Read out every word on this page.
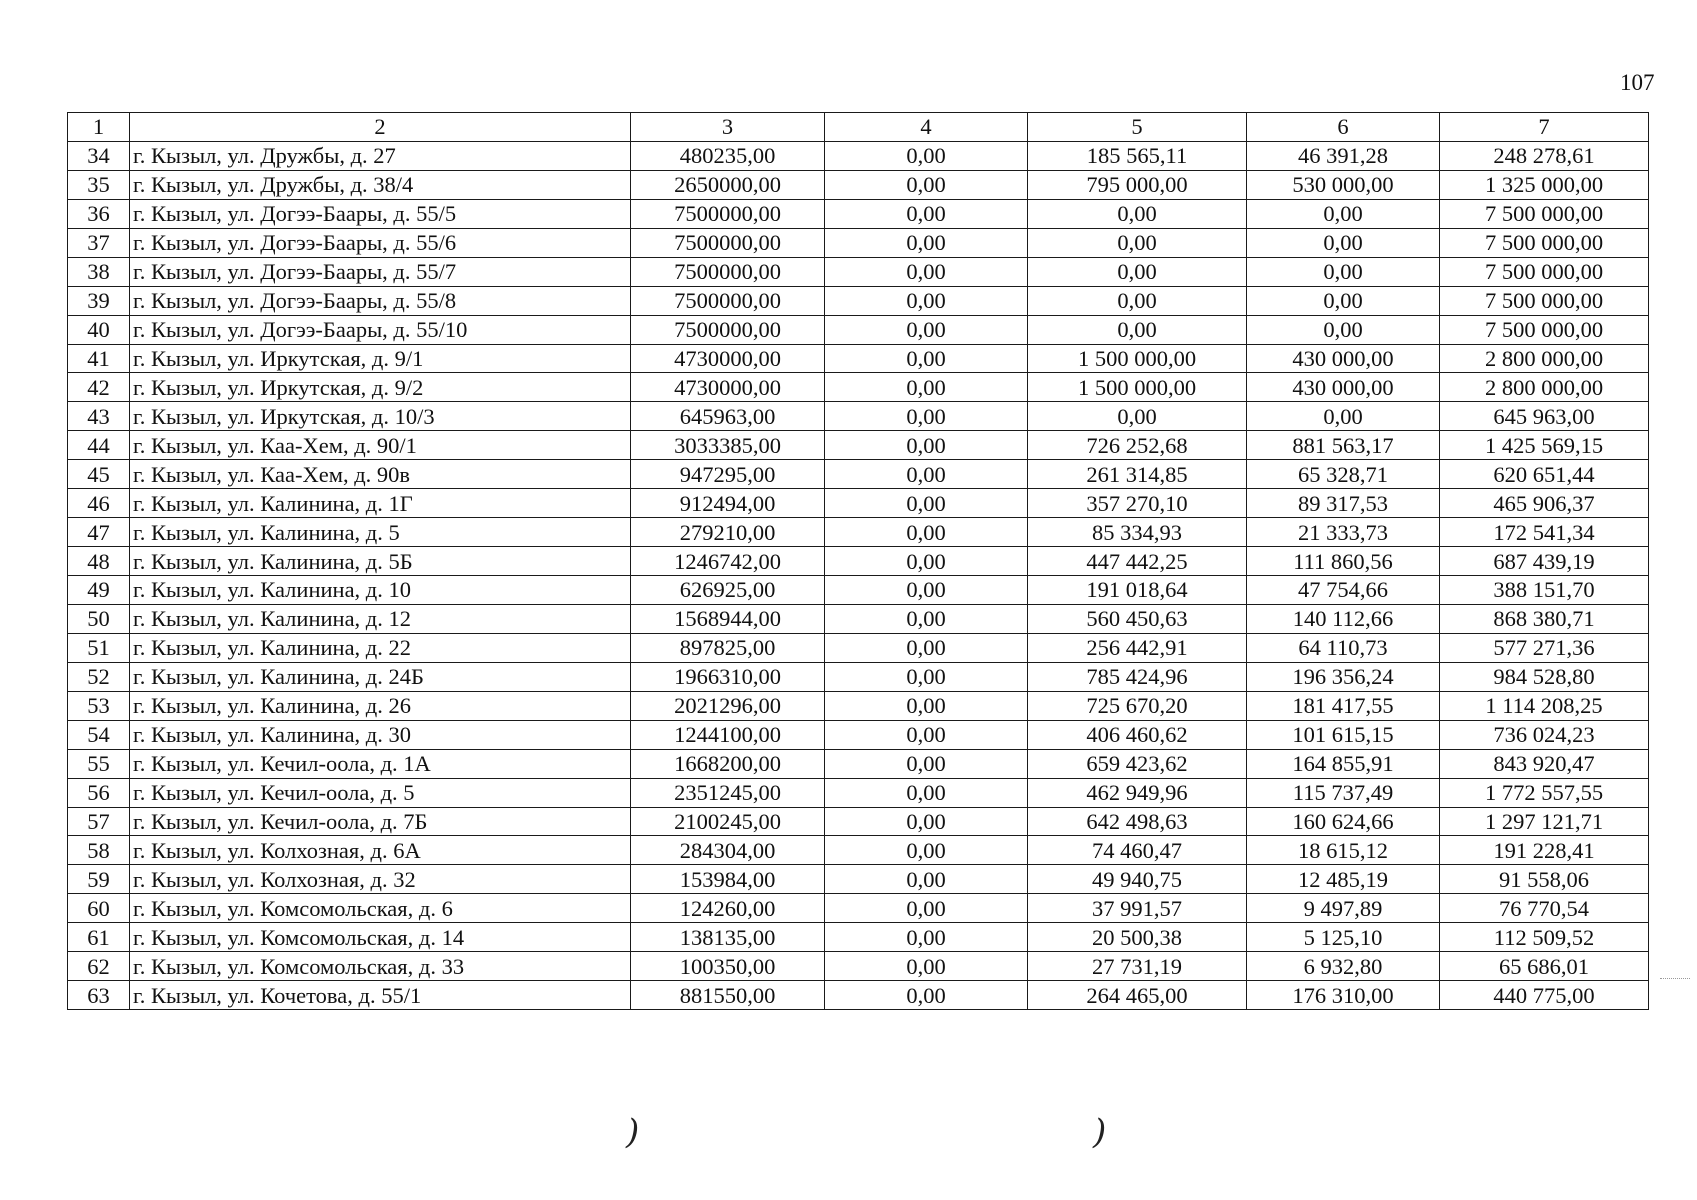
107
1	2	3	4	5	6	7
34	г. Кызыл, ул. Дружбы, д. 27	480235,00	0,00	185 565,11	46 391,28	248 278,61
35	г. Кызыл, ул. Дружбы, д. 38/4	2650000,00	0,00	795 000,00	530 000,00	1 325 000,00
36	г. Кызыл, ул. Догээ-Баары, д. 55/5	7500000,00	0,00	0,00	0,00	7 500 000,00
37	г. Кызыл, ул. Догээ-Баары, д. 55/6	7500000,00	0,00	0,00	0,00	7 500 000,00
38	г. Кызыл, ул. Догээ-Баары, д. 55/7	7500000,00	0,00	0,00	0,00	7 500 000,00
39	г. Кызыл, ул. Догээ-Баары, д. 55/8	7500000,00	0,00	0,00	0,00	7 500 000,00
40	г. Кызыл, ул. Догээ-Баары, д. 55/10	7500000,00	0,00	0,00	0,00	7 500 000,00
41	г. Кызыл, ул. Иркутская, д. 9/1	4730000,00	0,00	1 500 000,00	430 000,00	2 800 000,00
42	г. Кызыл, ул. Иркутская, д. 9/2	4730000,00	0,00	1 500 000,00	430 000,00	2 800 000,00
43	г. Кызыл, ул. Иркутская, д. 10/3	645963,00	0,00	0,00	0,00	645 963,00
44	г. Кызыл, ул. Каа-Хем, д. 90/1	3033385,00	0,00	726 252,68	881 563,17	1 425 569,15
45	г. Кызыл, ул. Каа-Хем, д. 90в	947295,00	0,00	261 314,85	65 328,71	620 651,44
46	г. Кызыл, ул. Калинина, д. 1Г	912494,00	0,00	357 270,10	89 317,53	465 906,37
47	г. Кызыл, ул. Калинина, д. 5	279210,00	0,00	85 334,93	21 333,73	172 541,34
48	г. Кызыл, ул. Калинина, д. 5Б	1246742,00	0,00	447 442,25	111 860,56	687 439,19
49	г. Кызыл, ул. Калинина, д. 10	626925,00	0,00	191 018,64	47 754,66	388 151,70
50	г. Кызыл, ул. Калинина, д. 12	1568944,00	0,00	560 450,63	140 112,66	868 380,71
51	г. Кызыл, ул. Калинина, д. 22	897825,00	0,00	256 442,91	64 110,73	577 271,36
52	г. Кызыл, ул. Калинина, д. 24Б	1966310,00	0,00	785 424,96	196 356,24	984 528,80
53	г. Кызыл, ул. Калинина, д. 26	2021296,00	0,00	725 670,20	181 417,55	1 114 208,25
54	г. Кызыл, ул. Калинина, д. 30	1244100,00	0,00	406 460,62	101 615,15	736 024,23
55	г. Кызыл, ул. Кечил-оола, д. 1А	1668200,00	0,00	659 423,62	164 855,91	843 920,47
56	г. Кызыл, ул. Кечил-оола, д. 5	2351245,00	0,00	462 949,96	115 737,49	1 772 557,55
57	г. Кызыл, ул. Кечил-оола, д. 7Б	2100245,00	0,00	642 498,63	160 624,66	1 297 121,71
58	г. Кызыл, ул. Колхозная, д. 6А	284304,00	0,00	74 460,47	18 615,12	191 228,41
59	г. Кызыл, ул. Колхозная, д. 32	153984,00	0,00	49 940,75	12 485,19	91 558,06
60	г. Кызыл, ул. Комсомольская, д. 6	124260,00	0,00	37 991,57	9 497,89	76 770,54
61	г. Кызыл, ул. Комсомольская, д. 14	138135,00	0,00	20 500,38	5 125,10	112 509,52
62	г. Кызыл, ул. Комсомольская, д. 33	100350,00	0,00	27 731,19	6 932,80	65 686,01
63	г. Кызыл, ул. Кочетова, д. 55/1	881550,00	0,00	264 465,00	176 310,00	440 775,00
)	)
